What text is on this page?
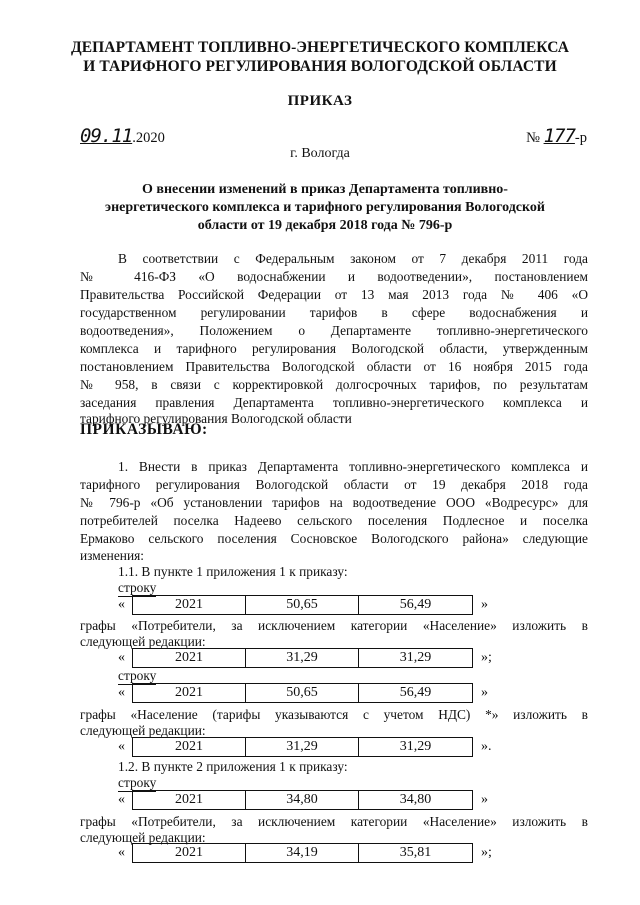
ДЕПАРТАМЕНТ ТОПЛИВНО-ЭНЕРГЕТИЧЕСКОГО КОМПЛЕКСА
И ТАРИФНОГО РЕГУЛИРОВАНИЯ ВОЛОГОДСКОЙ ОБЛАСТИ
ПРИКАЗ
09.11.2020	№ 177-р
г. Вологда
О внесении изменений в приказ Департамента топливно-
энергетического комплекса и тарифного регулирования Вологодской
области от 19 декабря 2018 года № 796-р
В соответствии с Федеральным законом от 7 декабря 2011 года
№ 416-ФЗ «О водоснабжении и водоотведении», постановлением
Правительства Российской Федерации от 13 мая 2013 года № 406 «О
государственном регулировании тарифов в сфере водоснабжения и
водоотведения», Положением о Департаменте топливно-энергетического
комплекса и тарифного регулирования Вологодской области, утвержденным
постановлением Правительства Вологодской области от 16 ноября 2015 года
№ 958, в связи с корректировкой долгосрочных тарифов, по результатам
заседания правления Департамента топливно-энергетического комплекса и
тарифного регулирования Вологодской области
ПРИКАЗЫВАЮ:
1. Внести в приказ Департамента топливно-энергетического комплекса и
тарифного регулирования Вологодской области от 19 декабря 2018 года
№ 796-р «Об установлении тарифов на водоотведение ООО «Водресурс» для
потребителей поселка Надеево сельского поселения Подлесное и поселка
Ермаково сельского поселения Сосновское Вологодского района» следующие
изменения:
1.1. В пункте 1 приложения 1 к приказу:
строку
«	2021	50,65	56,49	»
графы «Потребители, за исключением категории «Население» изложить в
следующей редакции:
«	2021	31,29	31,29	»;
строку
«	2021	50,65	56,49	»
графы «Население (тарифы указываются с учетом НДС) *» изложить в
следующей редакции:
«	2021	31,29	31,29	».
1.2. В пункте 2 приложения 1 к приказу:
строку
«	2021	34,80	34,80	»
графы «Потребители, за исключением категории «Население» изложить в
следующей редакции:
«	2021	34,19	35,81	»;
